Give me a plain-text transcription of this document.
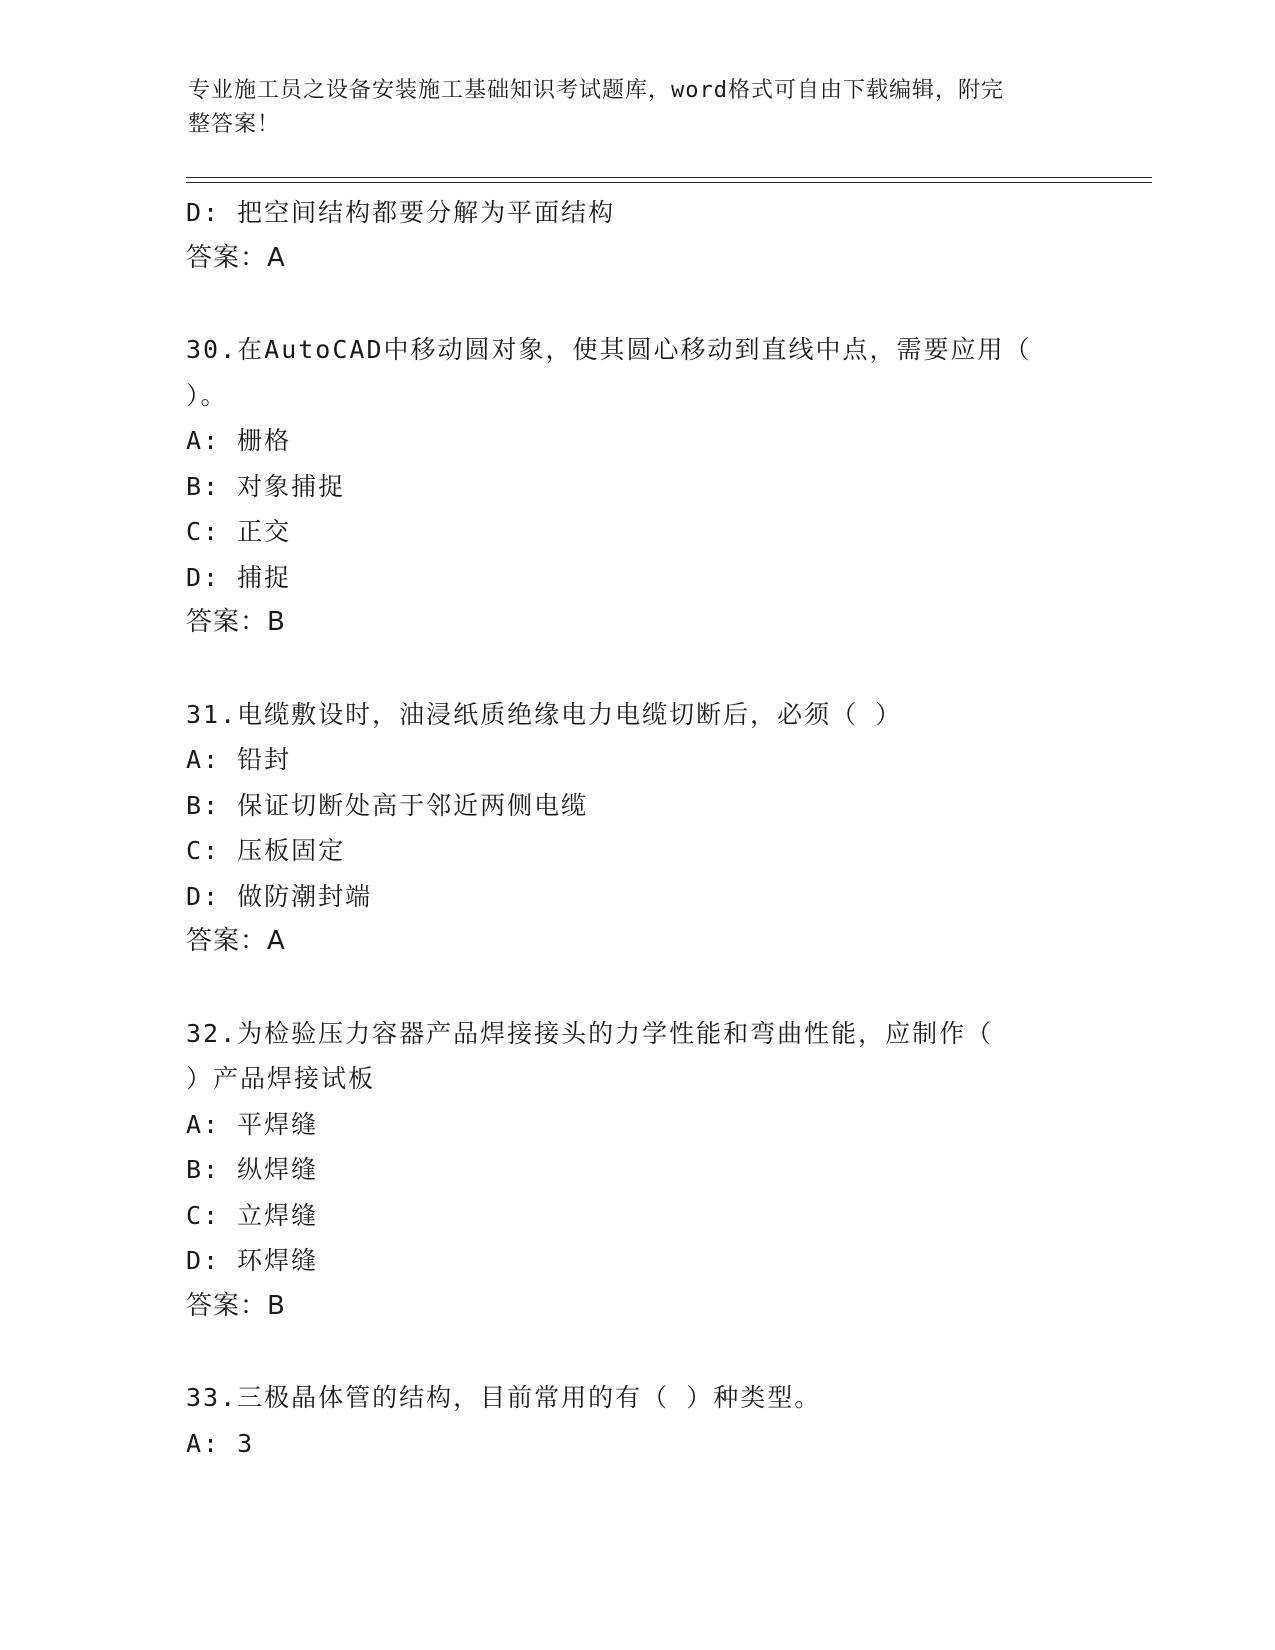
专业施工员之设备安装施工基础知识考试题库，word格式可自由下载编辑，附完
整答案！
D: 把空间结构都要分解为平面结构
答案：A
30.在AutoCAD中移动圆对象，使其圆心移动到直线中点，需要应用（
）。
A: 栅格
B: 对象捕捉
C: 正交
D: 捕捉
答案：B
31.电缆敷设时，油浸纸质绝缘电力电缆切断后，必须（ ）
A: 铅封
B: 保证切断处高于邻近两侧电缆
C: 压板固定
D: 做防潮封端
答案：A
32.为检验压力容器产品焊接接头的力学性能和弯曲性能，应制作（
）产品焊接试板
A: 平焊缝
B: 纵焊缝
C: 立焊缝
D: 环焊缝
答案：B
33.三极晶体管的结构，目前常用的有（ ）种类型。
A: 3
